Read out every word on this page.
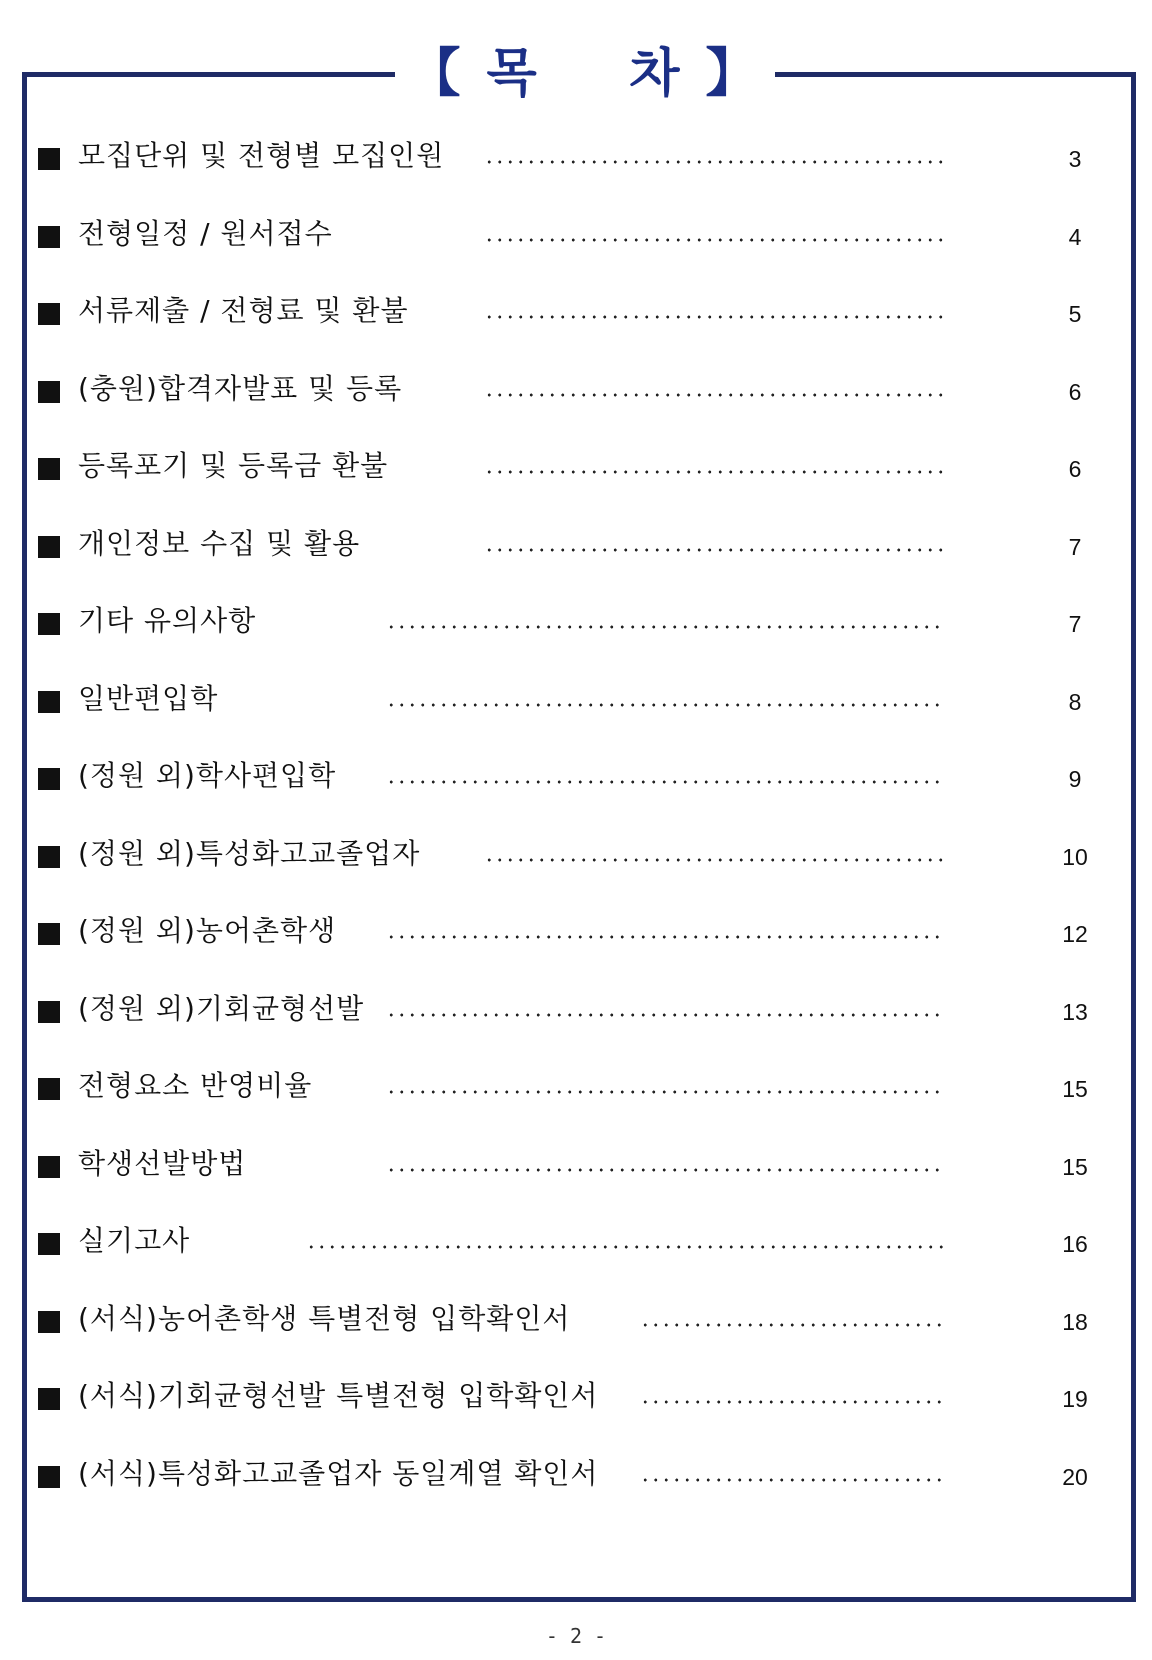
【 목    차 】
모집단위 및 전형별 모집인원	3
전형일정 / 원서접수	4
서류제출 / 전형료 및 환불	5
(충원)합격자발표 및 등록	6
등록포기 및 등록금 환불	6
개인정보 수집 및 활용	7
기타 유의사항	7
일반편입학	8
(정원 외)학사편입학	9
(정원 외)특성화고교졸업자	10
(정원 외)농어촌학생	12
(정원 외)기회균형선발	13
전형요소 반영비율	15
학생선발방법	15
실기고사	16
(서식)농어촌학생 특별전형 입학확인서	18
(서식)기회균형선발 특별전형 입학확인서	19
(서식)특성화고교졸업자 동일계열 확인서	20
- 2 -
